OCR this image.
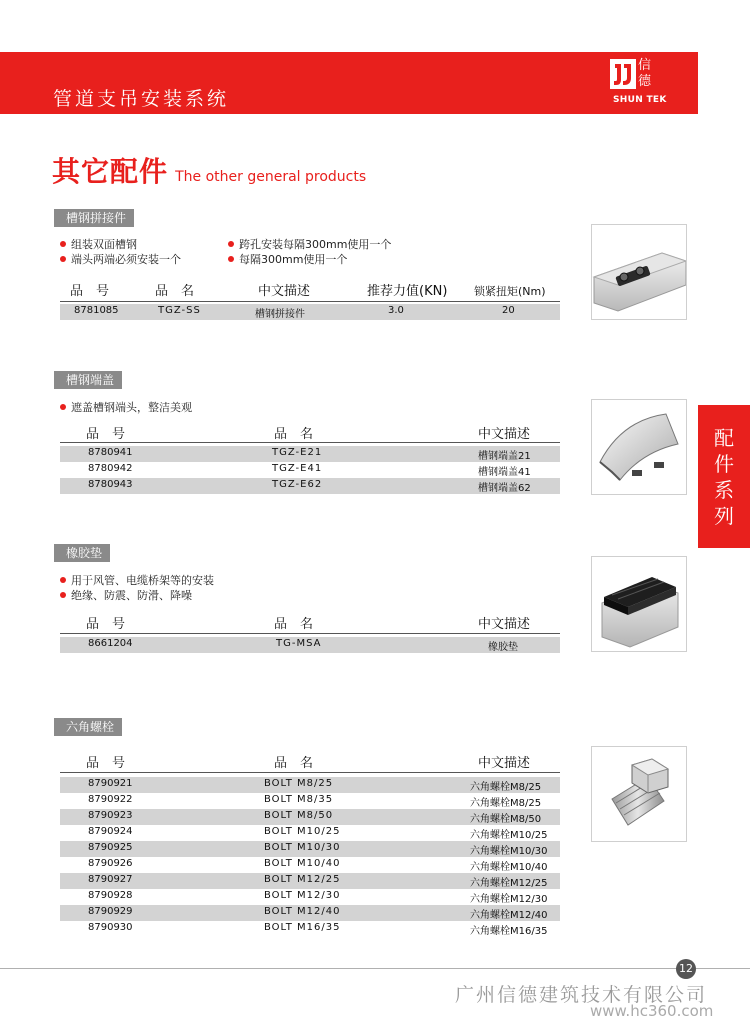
管道支吊安装系统
信
德
SHUN TEK
其它配件 The other general products
槽钢拼接件
组装双面槽钢
端头两端必须安装一个
跨孔安装每隔300mm使用一个
每隔300mm使用一个
品　号	品　名	中文描述	推荐力值(KN) 锁紧扭矩(Nm)
8781085	TGZ-SS	槽钢拼接件	3.0	20
槽钢端盖
遮盖槽钢端头，整洁美观
品　号	品　名	中文描述
8780941	TGZ-E21	槽钢端盖21
8780942	TGZ-E41	槽钢端盖41
8780943	TGZ-E62	槽钢端盖62
配
件
系
列
橡胶垫
用于风管、电缆桥架等的安装
绝缘、防震、防滑、降噪
品　号	品　名	中文描述
8661204	TG-MSA	橡胶垫
六角螺栓
品　号	品　名	中文描述
8790921	BOLT M8/25	六角螺栓M8/25
8790922	BOLT M8/35	六角螺栓M8/25
8790923	BOLT M8/50	六角螺栓M8/50
8790924	BOLT M10/25	六角螺栓M10/25
8790925	BOLT M10/30	六角螺栓M10/30
8790926	BOLT M10/40	六角螺栓M10/40
8790927	BOLT M12/25	六角螺栓M12/25
8790928	BOLT M12/30	六角螺栓M12/30
8790929	BOLT M12/40	六角螺栓M12/40
8790930	BOLT M16/35	六角螺栓M16/35
12
广州信德建筑技术有限公司
www.hc360.com
